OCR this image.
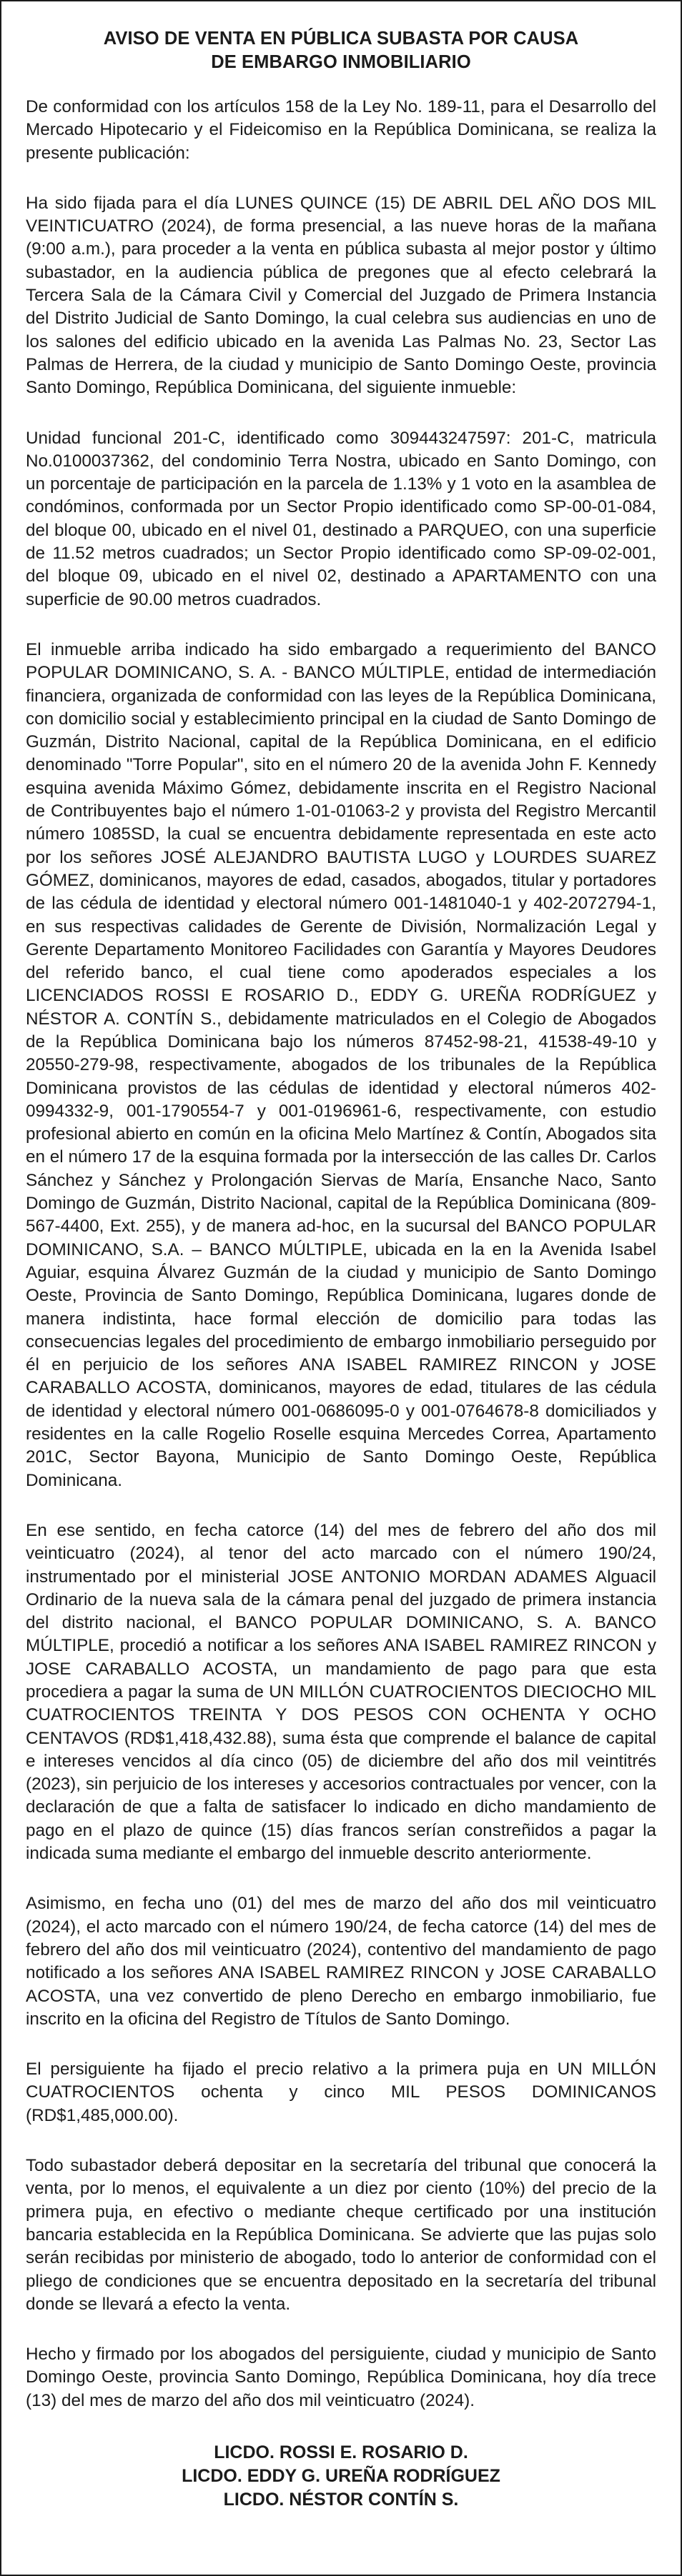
AVISO DE VENTA EN PÚBLICA SUBASTA POR CAUSA
DE EMBARGO INMOBILIARIO

De conformidad con los artículos 158 de la Ley No. 189-11, para el Desarrollo del Mercado Hipotecario y el Fideicomiso en la República Dominicana, se realiza la presente publicación:

Ha sido fijada para el día LUNES QUINCE (15) DE ABRIL DEL AÑO DOS MIL VEINTICUATRO (2024), de forma presencial, a las nueve horas de la mañana (9:00 a.m.), para proceder a la venta en pública subasta al mejor postor y último subastador, en la audiencia pública de pregones que al efecto celebrará la Tercera Sala de la Cámara Civil y Comercial del Juzgado de Primera Instancia del Distrito Judicial de Santo Domingo, la cual celebra sus audiencias en uno de los salones del edificio ubicado en la avenida Las Palmas No. 23, Sector Las Palmas de Herrera, de la ciudad y municipio de Santo Domingo Oeste, provincia Santo Domingo, República Dominicana, del siguiente inmueble:

Unidad funcional 201-C, identificado como 309443247597: 201-C, matricula No.0100037362, del condominio Terra Nostra, ubicado en Santo Domingo, con un porcentaje de participación en la parcela de 1.13% y 1 voto en la asamblea de condóminos, conformada por un Sector Propio identificado como SP-00-01-084, del bloque 00, ubicado en el nivel 01, destinado a PARQUEO, con una superficie de 11.52 metros cuadrados; un Sector Propio identificado como SP-09-02-001, del bloque 09, ubicado en el nivel 02, destinado a APARTAMENTO con una superficie de 90.00 metros cuadrados.

El inmueble arriba indicado ha sido embargado a requerimiento del BANCO POPULAR DOMINICANO, S. A. - BANCO MÚLTIPLE, entidad de intermediación financiera, organizada de conformidad con las leyes de la República Dominicana, con domicilio social y establecimiento principal en la ciudad de Santo Domingo de Guzmán, Distrito Nacional, capital de la República Dominicana, en el edificio denominado "Torre Popular", sito en el número 20 de la avenida John F. Kennedy esquina avenida Máximo Gómez, debidamente inscrita en el Registro Nacional de Contribuyentes bajo el número 1-01-01063-2 y provista del Registro Mercantil número 1085SD, la cual se encuentra debidamente representada en este acto por los señores JOSÉ ALEJANDRO BAUTISTA LUGO y LOURDES SUAREZ GÓMEZ, dominicanos, mayores de edad, casados, abogados, titular y portadores de las cédula de identidad y electoral número 001-1481040-1 y 402-2072794-1, en sus respectivas calidades de Gerente de División, Normalización Legal y Gerente Departamento Monitoreo Facilidades con Garantía y Mayores Deudores del referido banco, el cual tiene como apoderados especiales a los LICENCIADOS ROSSI E ROSARIO D., EDDY G. UREÑA RODRÍGUEZ y NÉSTOR A. CONTÍN S., debidamente matriculados en el Colegio de Abogados de la República Dominicana bajo los números 87452-98-21, 41538-49-10 y 20550-279-98, respectivamente, abogados de los tribunales de la República Dominicana provistos de las cédulas de identidad y electoral números 402-0994332-9, 001-1790554-7 y 001-0196961-6, respectivamente, con estudio profesional abierto en común en la oficina Melo Martínez & Contín, Abogados sita en el número 17 de la esquina formada por la intersección de las calles Dr. Carlos Sánchez y Sánchez y Prolongación Siervas de María, Ensanche Naco, Santo Domingo de Guzmán, Distrito Nacional, capital de la República Dominicana (809-567-4400, Ext. 255), y de manera ad-hoc, en la sucursal del BANCO POPULAR DOMINICANO, S.A. – BANCO MÚLTIPLE, ubicada en la en la Avenida Isabel Aguiar, esquina Álvarez Guzmán de la ciudad y municipio de Santo Domingo Oeste, Provincia de Santo Domingo, República Dominicana, lugares donde de manera indistinta, hace formal elección de domicilio para todas las consecuencias legales del procedimiento de embargo inmobiliario perseguido por él en perjuicio de los señores ANA ISABEL RAMIREZ RINCON y JOSE CARABALLO ACOSTA, dominicanos, mayores de edad, titulares de las cédula de identidad y electoral número 001-0686095-0 y 001-0764678-8 domiciliados y residentes en la calle Rogelio Roselle esquina Mercedes Correa, Apartamento 201C, Sector Bayona, Municipio de Santo Domingo Oeste, República Dominicana.

En ese sentido, en fecha catorce (14) del mes de febrero del año dos mil veinticuatro (2024), al tenor del acto marcado con el número 190/24, instrumentado por el ministerial JOSE ANTONIO MORDAN ADAMES Alguacil Ordinario de la nueva sala de la cámara penal del juzgado de primera instancia del distrito nacional, el BANCO POPULAR DOMINICANO, S. A. BANCO MÚLTIPLE, procedió a notificar a los señores ANA ISABEL RAMIREZ RINCON y JOSE CARABALLO ACOSTA, un mandamiento de pago para que esta procediera a pagar la suma de UN MILLÓN CUATROCIENTOS DIECIOCHO MIL CUATROCIENTOS TREINTA Y DOS PESOS CON OCHENTA Y OCHO CENTAVOS (RD$1,418,432.88), suma ésta que comprende el balance de capital e intereses vencidos al día cinco (05) de diciembre del año dos mil veintitrés (2023), sin perjuicio de los intereses y accesorios contractuales por vencer, con la declaración de que a falta de satisfacer lo indicado en dicho mandamiento de pago en el plazo de quince (15) días francos serían constreñidos a pagar la indicada suma mediante el embargo del inmueble descrito anteriormente.

Asimismo, en fecha uno (01) del mes de marzo del año dos mil veinticuatro (2024), el acto marcado con el número 190/24, de fecha catorce (14) del mes de febrero del año dos mil veinticuatro (2024), contentivo del mandamiento de pago notificado a los señores ANA ISABEL RAMIREZ RINCON y JOSE CARABALLO ACOSTA, una vez convertido de pleno Derecho en embargo inmobiliario, fue inscrito en la oficina del Registro de Títulos de Santo Domingo.

El persiguiente ha fijado el precio relativo a la primera puja en UN MILLÓN CUATROCIENTOS ochenta y cinco MIL PESOS DOMINICANOS (RD$1,485,000.00).

Todo subastador deberá depositar en la secretaría del tribunal que conocerá la venta, por lo menos, el equivalente a un diez por ciento (10%) del precio de la primera puja, en efectivo o mediante cheque certificado por una institución bancaria establecida en la República Dominicana. Se advierte que las pujas solo serán recibidas por ministerio de abogado, todo lo anterior de conformidad con el pliego de condiciones que se encuentra depositado en la secretaría del tribunal donde se llevará a efecto la venta.

Hecho y firmado por los abogados del persiguiente, ciudad y municipio de Santo Domingo Oeste, provincia Santo Domingo, República Dominicana, hoy día trece (13) del mes de marzo del año dos mil veinticuatro (2024).

LICDO. ROSSI E. ROSARIO D.
LICDO. EDDY G. UREÑA RODRÍGUEZ
LICDO. NÉSTOR CONTÍN S.
